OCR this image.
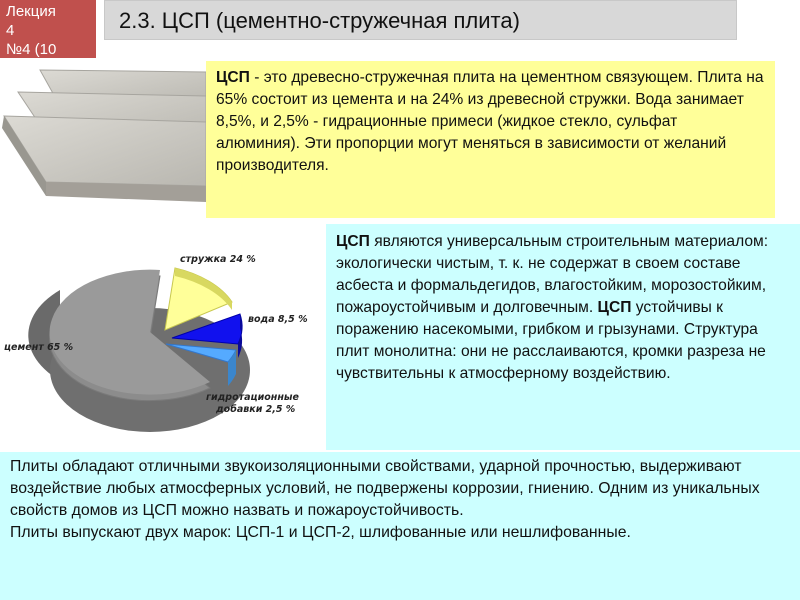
Лекция
4
№4 (10
2.3. ЦСП (цементно-стружечная плита)
ЦСП - это древесно-стружечная плита на цементном связующем. Плита на 65% состоит из цемента и на 24% из древесной стружки. Вода занимает 8,5%, и 2,5% - гидрационные примеси (жидкое стекло, сульфат алюминия). Эти пропорции могут меняться в зависимости от желаний производителя.
стружка 24 %
вода 8,5 %
цемент 65 %
гидротационные
добавки 2,5 %
ЦСП являются универсальным строительным материалом: экологически чистым, т. к. не содержат в своем составе асбеста и формальдегидов, влагостойким, морозостойким, пожароустойчивым и долговечным. ЦСП устойчивы к поражению насекомыми, грибком и грызунами. Структура плит монолитна: они не расслаиваются, кромки разреза не чувствительны к атмосферному воздействию.
Плиты обладают отличными звукоизоляционными свойствами, ударной прочностью, выдерживают воздействие любых атмосферных условий, не подвержены коррозии, гниению. Одним из уникальных свойств домов из ЦСП можно назвать и пожароустойчивость.
Плиты выпускают двух марок: ЦСП-1 и ЦСП-2, шлифованные или нешлифованные.
